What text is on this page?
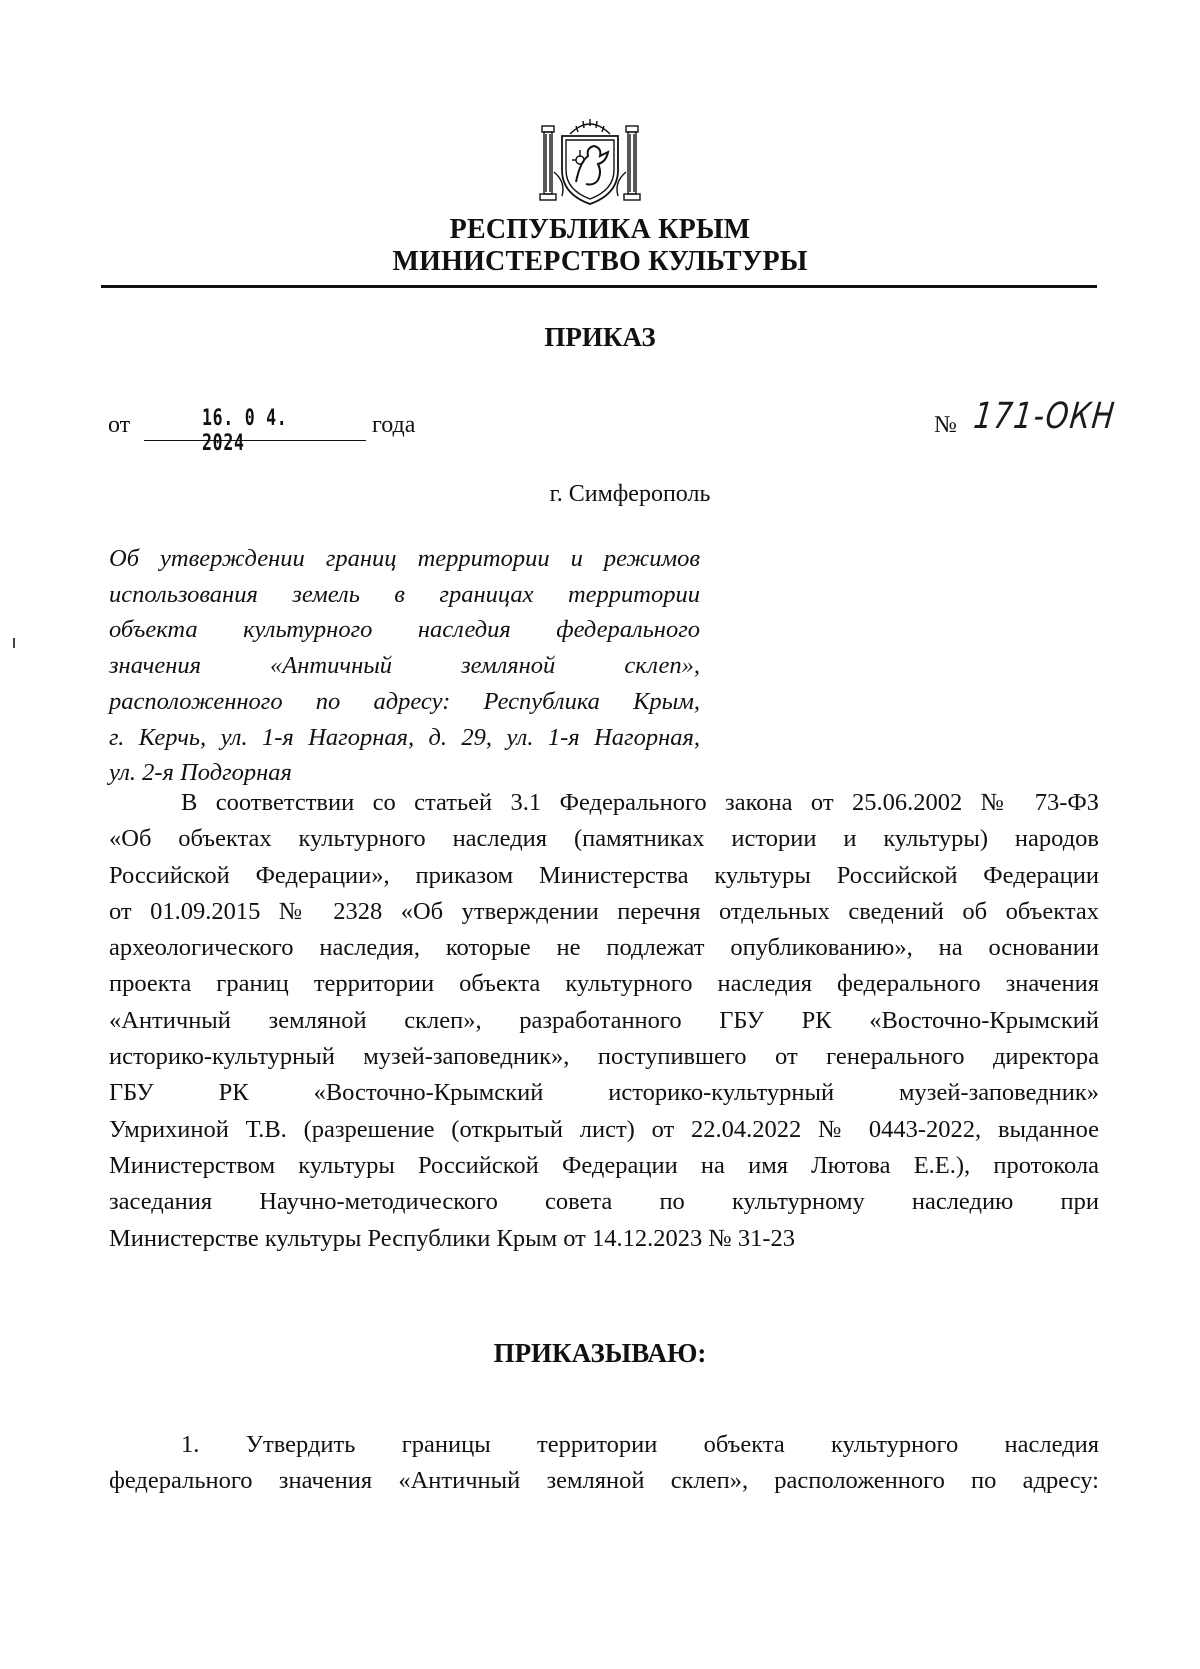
РЕСПУБЛИКА КРЫМ
МИНИСТЕРСТВО КУЛЬТУРЫ
ПРИКАЗ
от	16. 0 4. 2024
года	№ 171-ОКН
г. Симферополь
Об утверждении границ территории и режимов
использования земель в границах территории
объекта культурного наследия федерального
значения «Античный земляной склеп»,
расположенного по адресу: Республика Крым,
г. Керчь, ул. 1-я Нагорная, д. 29, ул. 1-я Нагорная,
ул. 2-я Подгорная
В соответствии со статьей 3.1 Федерального закона от 25.06.2002 № 73-ФЗ
«Об объектах культурного наследия (памятниках истории и культуры) народов
Российской Федерации», приказом Министерства культуры Российской Федерации
от 01.09.2015 № 2328 «Об утверждении перечня отдельных сведений об объектах
археологического наследия, которые не подлежат опубликованию», на основании
проекта границ территории объекта культурного наследия федерального значения
«Античный земляной склеп», разработанного ГБУ РК «Восточно-Крымский
историко-культурный музей-заповедник», поступившего от генерального директора
ГБУ РК «Восточно-Крымский историко-культурный музей-заповедник»
Умрихиной Т.В. (разрешение (открытый лист) от 22.04.2022 № 0443-2022, выданное
Министерством культуры Российской Федерации на имя Лютова Е.Е.), протокола
заседания Научно-методического совета по культурному наследию при
Министерстве культуры Республики Крым от 14.12.2023 № 31-23
ПРИКАЗЫВАЮ:
1. Утвердить границы территории объекта культурного наследия
федерального значения «Античный земляной склеп», расположенного по адресу:
